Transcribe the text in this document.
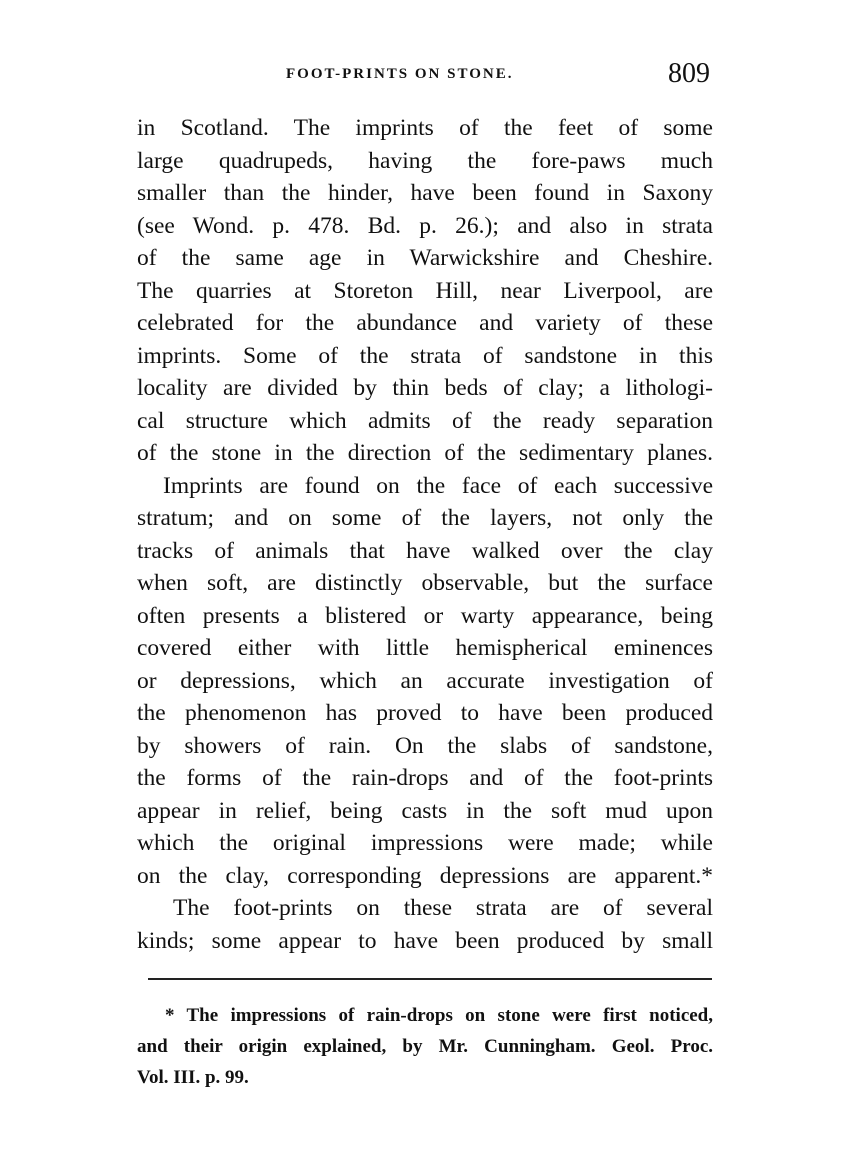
FOOT-PRINTS ON STONE.	809
in Scotland. The imprints of the feet of some
large quadrupeds, having the fore-paws much
smaller than the hinder, have been found in Saxony
(see Wond. p. 478. Bd. p. 26.); and also in strata
of the same age in Warwickshire and Cheshire.
The quarries at Storeton Hill, near Liverpool, are
celebrated for the abundance and variety of these
imprints. Some of the strata of sandstone in this
locality are divided by thin beds of clay; a lithologi-
cal structure which admits of the ready separation
of the stone in the direction of the sedimentary planes.
Imprints are found on the face of each successive
stratum; and on some of the layers, not only the
tracks of animals that have walked over the clay
when soft, are distinctly observable, but the surface
often presents a blistered or warty appearance, being
covered either with little hemispherical eminences
or depressions, which an accurate investigation of
the phenomenon has proved to have been produced
by showers of rain. On the slabs of sandstone,
the forms of the rain-drops and of the foot-prints
appear in relief, being casts in the soft mud upon
which the original impressions were made; while
on the clay, corresponding depressions are apparent.*
The foot-prints on these strata are of several
kinds; some appear to have been produced by small
* The impressions of rain-drops on stone were first noticed,
and their origin explained, by Mr. Cunningham. Geol. Proc.
Vol. III. p. 99.
